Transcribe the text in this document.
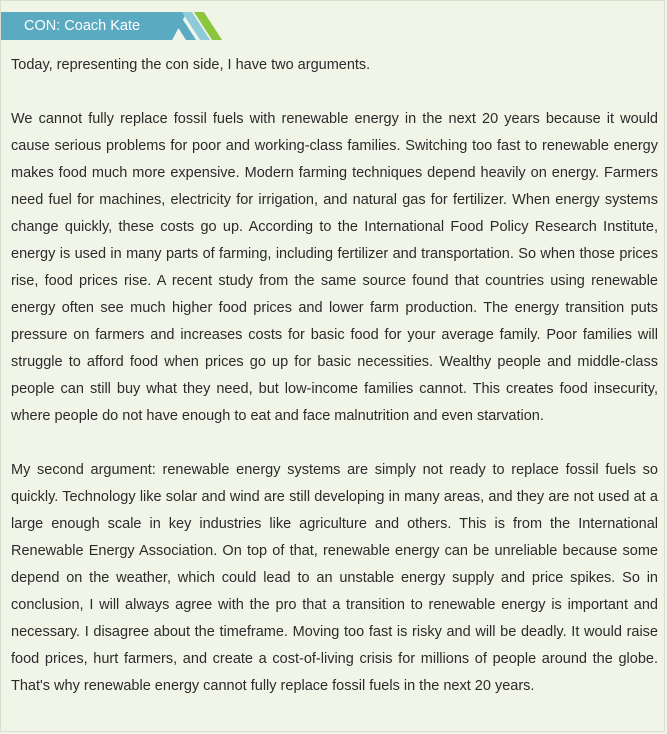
CON: Coach Kate

Today, representing the con side, I have two arguments.

We cannot fully replace fossil fuels with renewable energy in the next 20 years because it would cause serious problems for poor and working-class families. Switching too fast to renewable energy makes food much more expensive. Modern farming techniques depend heavily on energy. Farmers need fuel for machines, electricity for irrigation, and natural gas for fertilizer. When energy systems change quickly, these costs go up. According to the International Food Policy Research Institute, energy is used in many parts of farming, including fertilizer and transportation. So when those prices rise, food prices rise. A recent study from the same source found that countries using renewable energy often see much higher food prices and lower farm production. The energy transition puts pressure on farmers and increases costs for basic food for your average family. Poor families will struggle to afford food when prices go up for basic necessities. Wealthy people and middle-class people can still buy what they need, but low-income families cannot. This creates food insecurity, where people do not have enough to eat and face malnutrition and even starvation.

My second argument: renewable energy systems are simply not ready to replace fossil fuels so quickly. Technology like solar and wind are still developing in many areas, and they are not used at a large enough scale in key industries like agriculture and others. This is from the International Renewable Energy Association. On top of that, renewable energy can be unreliable because some depend on the weather, which could lead to an unstable energy supply and price spikes. So in conclusion, I will always agree with the pro that a transition to renewable energy is important and necessary. I disagree about the timeframe. Moving too fast is risky and will be deadly. It would raise food prices, hurt farmers, and create a cost-of-living crisis for millions of people around the globe. That's why renewable energy cannot fully replace fossil fuels in the next 20 years.
